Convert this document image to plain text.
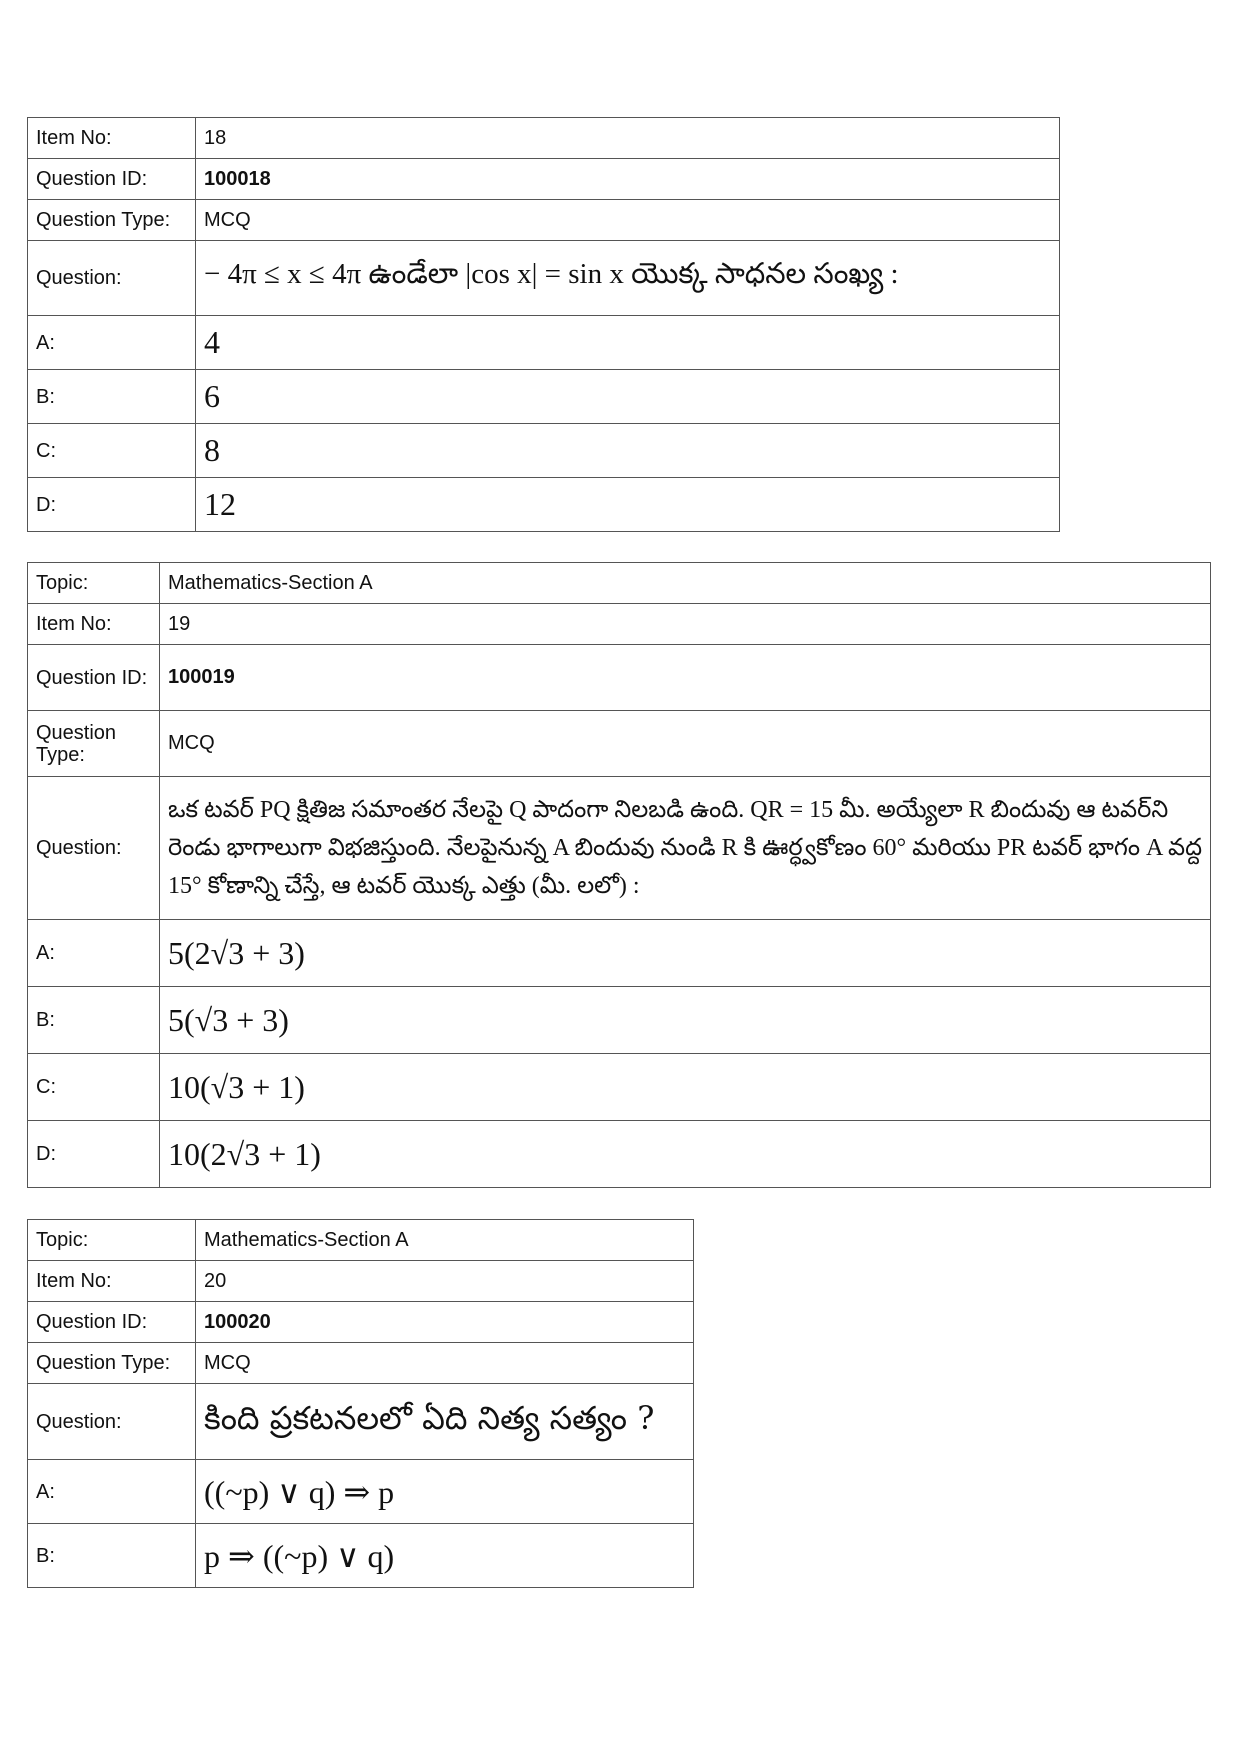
Item No:	18
Question ID:	100018
Question Type:	MCQ
Question:	− 4π ≤ x ≤ 4π ఉండేలా |cos x| = sin x యొక్క సాధనల సంఖ్య :
A:	4
B:	6
C:	8
D:	12
Topic:	Mathematics-Section A
Item No:	19
Question ID:	100019
Question Type:	MCQ
Question:	ఒక టవర్ PQ క్షితిజ సమాంతర నేలపై Q పాదంగా నిలబడి ఉంది. QR = 15 మీ. అయ్యేలా R బిందువు ఆ టవర్‌ని రెండు భాగాలుగా విభజిస్తుంది. నేలపైనున్న A బిందువు నుండి R కి ఊర్ధ్వకోణం 60° మరియు PR టవర్ భాగం A వద్ద 15° కోణాన్ని చేస్తే, ఆ టవర్ యొక్క ఎత్తు (మీ. లలో) :
A:	5(2√3 + 3)
B:	5(√3 + 3)
C:	10(√3 + 1)
D:	10(2√3 + 1)
Topic:	Mathematics-Section A
Item No:	20
Question ID:	100020
Question Type:	MCQ
Question:	కింది ప్రకటనలలో ఏది నిత్య సత్యం ?
A:	((~p) ∨ q) ⇒ p
B:	p ⇒ ((~p) ∨ q)
